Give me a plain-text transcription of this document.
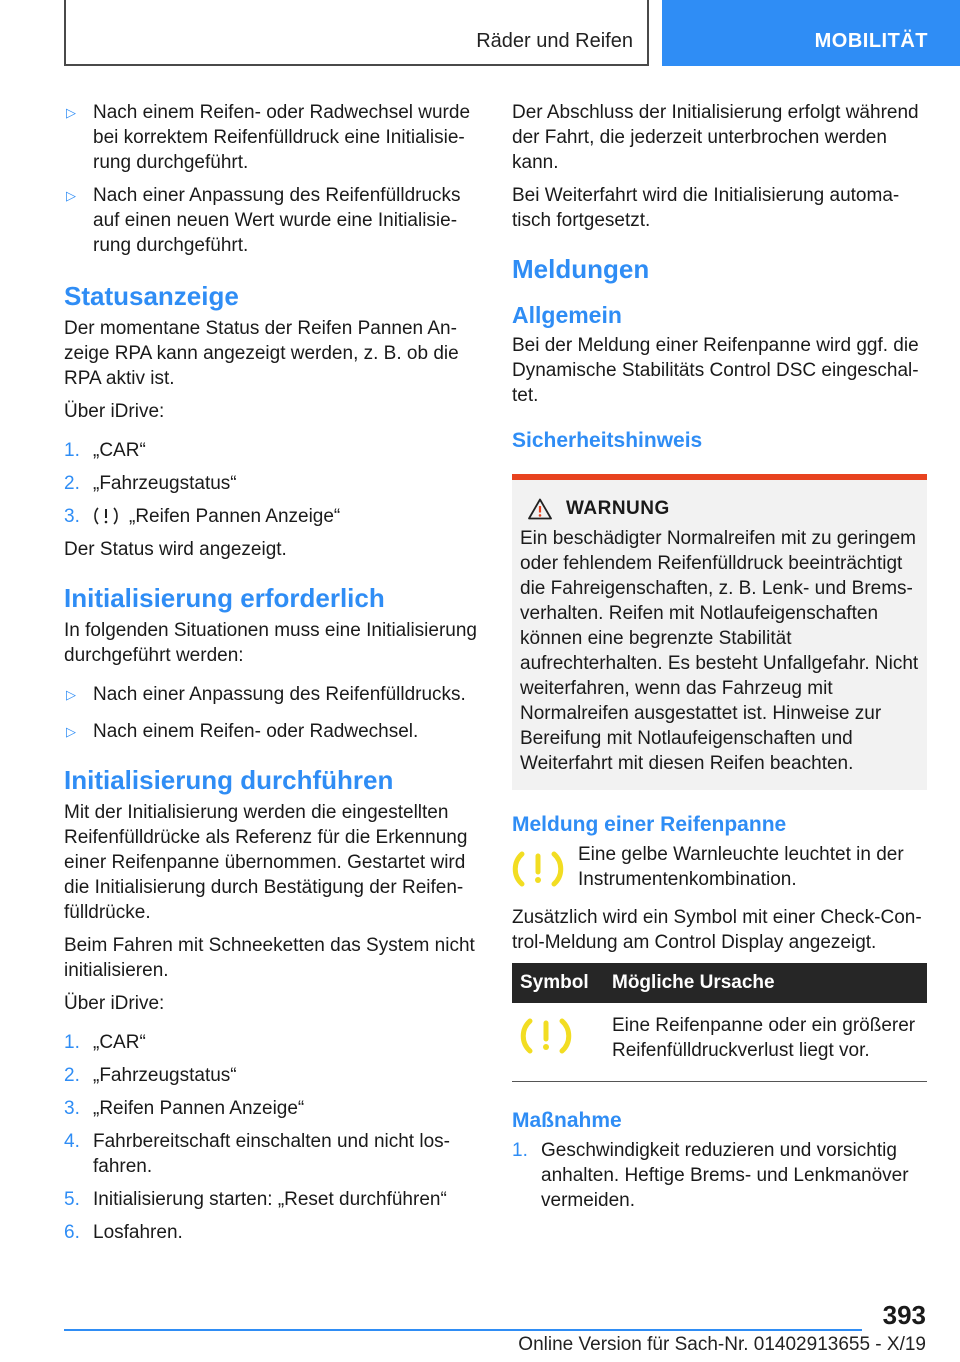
Räder und Reifen	MOBILITÄT
▷ Nach einem Reifen- oder Radwechsel wurde bei korrektem Reifenfülldruck eine Initialisierung durchgeführt.
▷ Nach einer Anpassung des Reifenfülldrucks auf einen neuen Wert wurde eine Initialisierung durchgeführt.
Statusanzeige

Der momentane Status der Reifen Pannen Anzeige RPA kann angezeigt werden, z. B. ob die RPA aktiv ist.

Über iDrive:

1. „CAR“
2. „Fahrzeugstatus“
3.	„Reifen Pannen Anzeige“

Der Status wird angezeigt.

Initialisierung erforderlich

In folgenden Situationen muss eine Initialisierung durchgeführt werden:

▷ Nach einer Anpassung des Reifenfülldrucks.
▷ Nach einem Reifen- oder Radwechsel.
Initialisierung durchführen

Mit der Initialisierung werden die eingestellten Reifenfülldrücke als Referenz für die Erkennung einer Reifenpanne übernommen. Gestartet wird die Initialisierung durch Bestätigung der Reifenfülldrücke.

Beim Fahren mit Schneeketten das System nicht initialisieren.

Über iDrive:

1. „CAR“
2. „Fahrzeugstatus“
3. „Reifen Pannen Anzeige“
4. Fahrbereitschaft einschalten und nicht losfahren.
5. Initialisierung starten: „Reset durchführen“
6. Losfahren.

Der Abschluss der Initialisierung erfolgt während der Fahrt, die jederzeit unterbrochen werden kann.

Bei Weiterfahrt wird die Initialisierung automatisch fortgesetzt.

Meldungen
Allgemein

Bei der Meldung einer Reifenpanne wird ggf. die Dynamische Stabilitäts Control DSC eingeschaltet.

Sicherheitshinweis
WARNUNG

Ein beschädigter Normalreifen mit zu geringem oder fehlendem Reifenfülldruck beeinträchtigt die Fahreigenschaften, z. B. Lenk- und Bremsverhalten. Reifen mit Notlaufeigenschaften können eine begrenzte Stabilität aufrechterhalten. Es besteht Unfallgefahr. Nicht weiterfahren, wenn das Fahrzeug mit Normalreifen ausgestattet ist. Hinweise zur Bereifung mit Notlaufeigenschaften und Weiterfahrt mit diesen Reifen beachten.

Meldung einer Reifenpanne

Eine gelbe Warnleuchte leuchtet in der Instrumentenkombination.

Zusätzlich wird ein Symbol mit einer Check-Control-Meldung am Control Display angezeigt.

Symbol	Mögliche Ursache
	Eine Reifenpanne oder ein größerer Reifenfülldruckverlust liegt vor.
Maßnahme
1. Geschwindigkeit reduzieren und vorsichtig anhalten. Heftige Brems- und Lenkmanöver vermeiden.
393
Online Version für Sach-Nr. 01402913655 - X/19
